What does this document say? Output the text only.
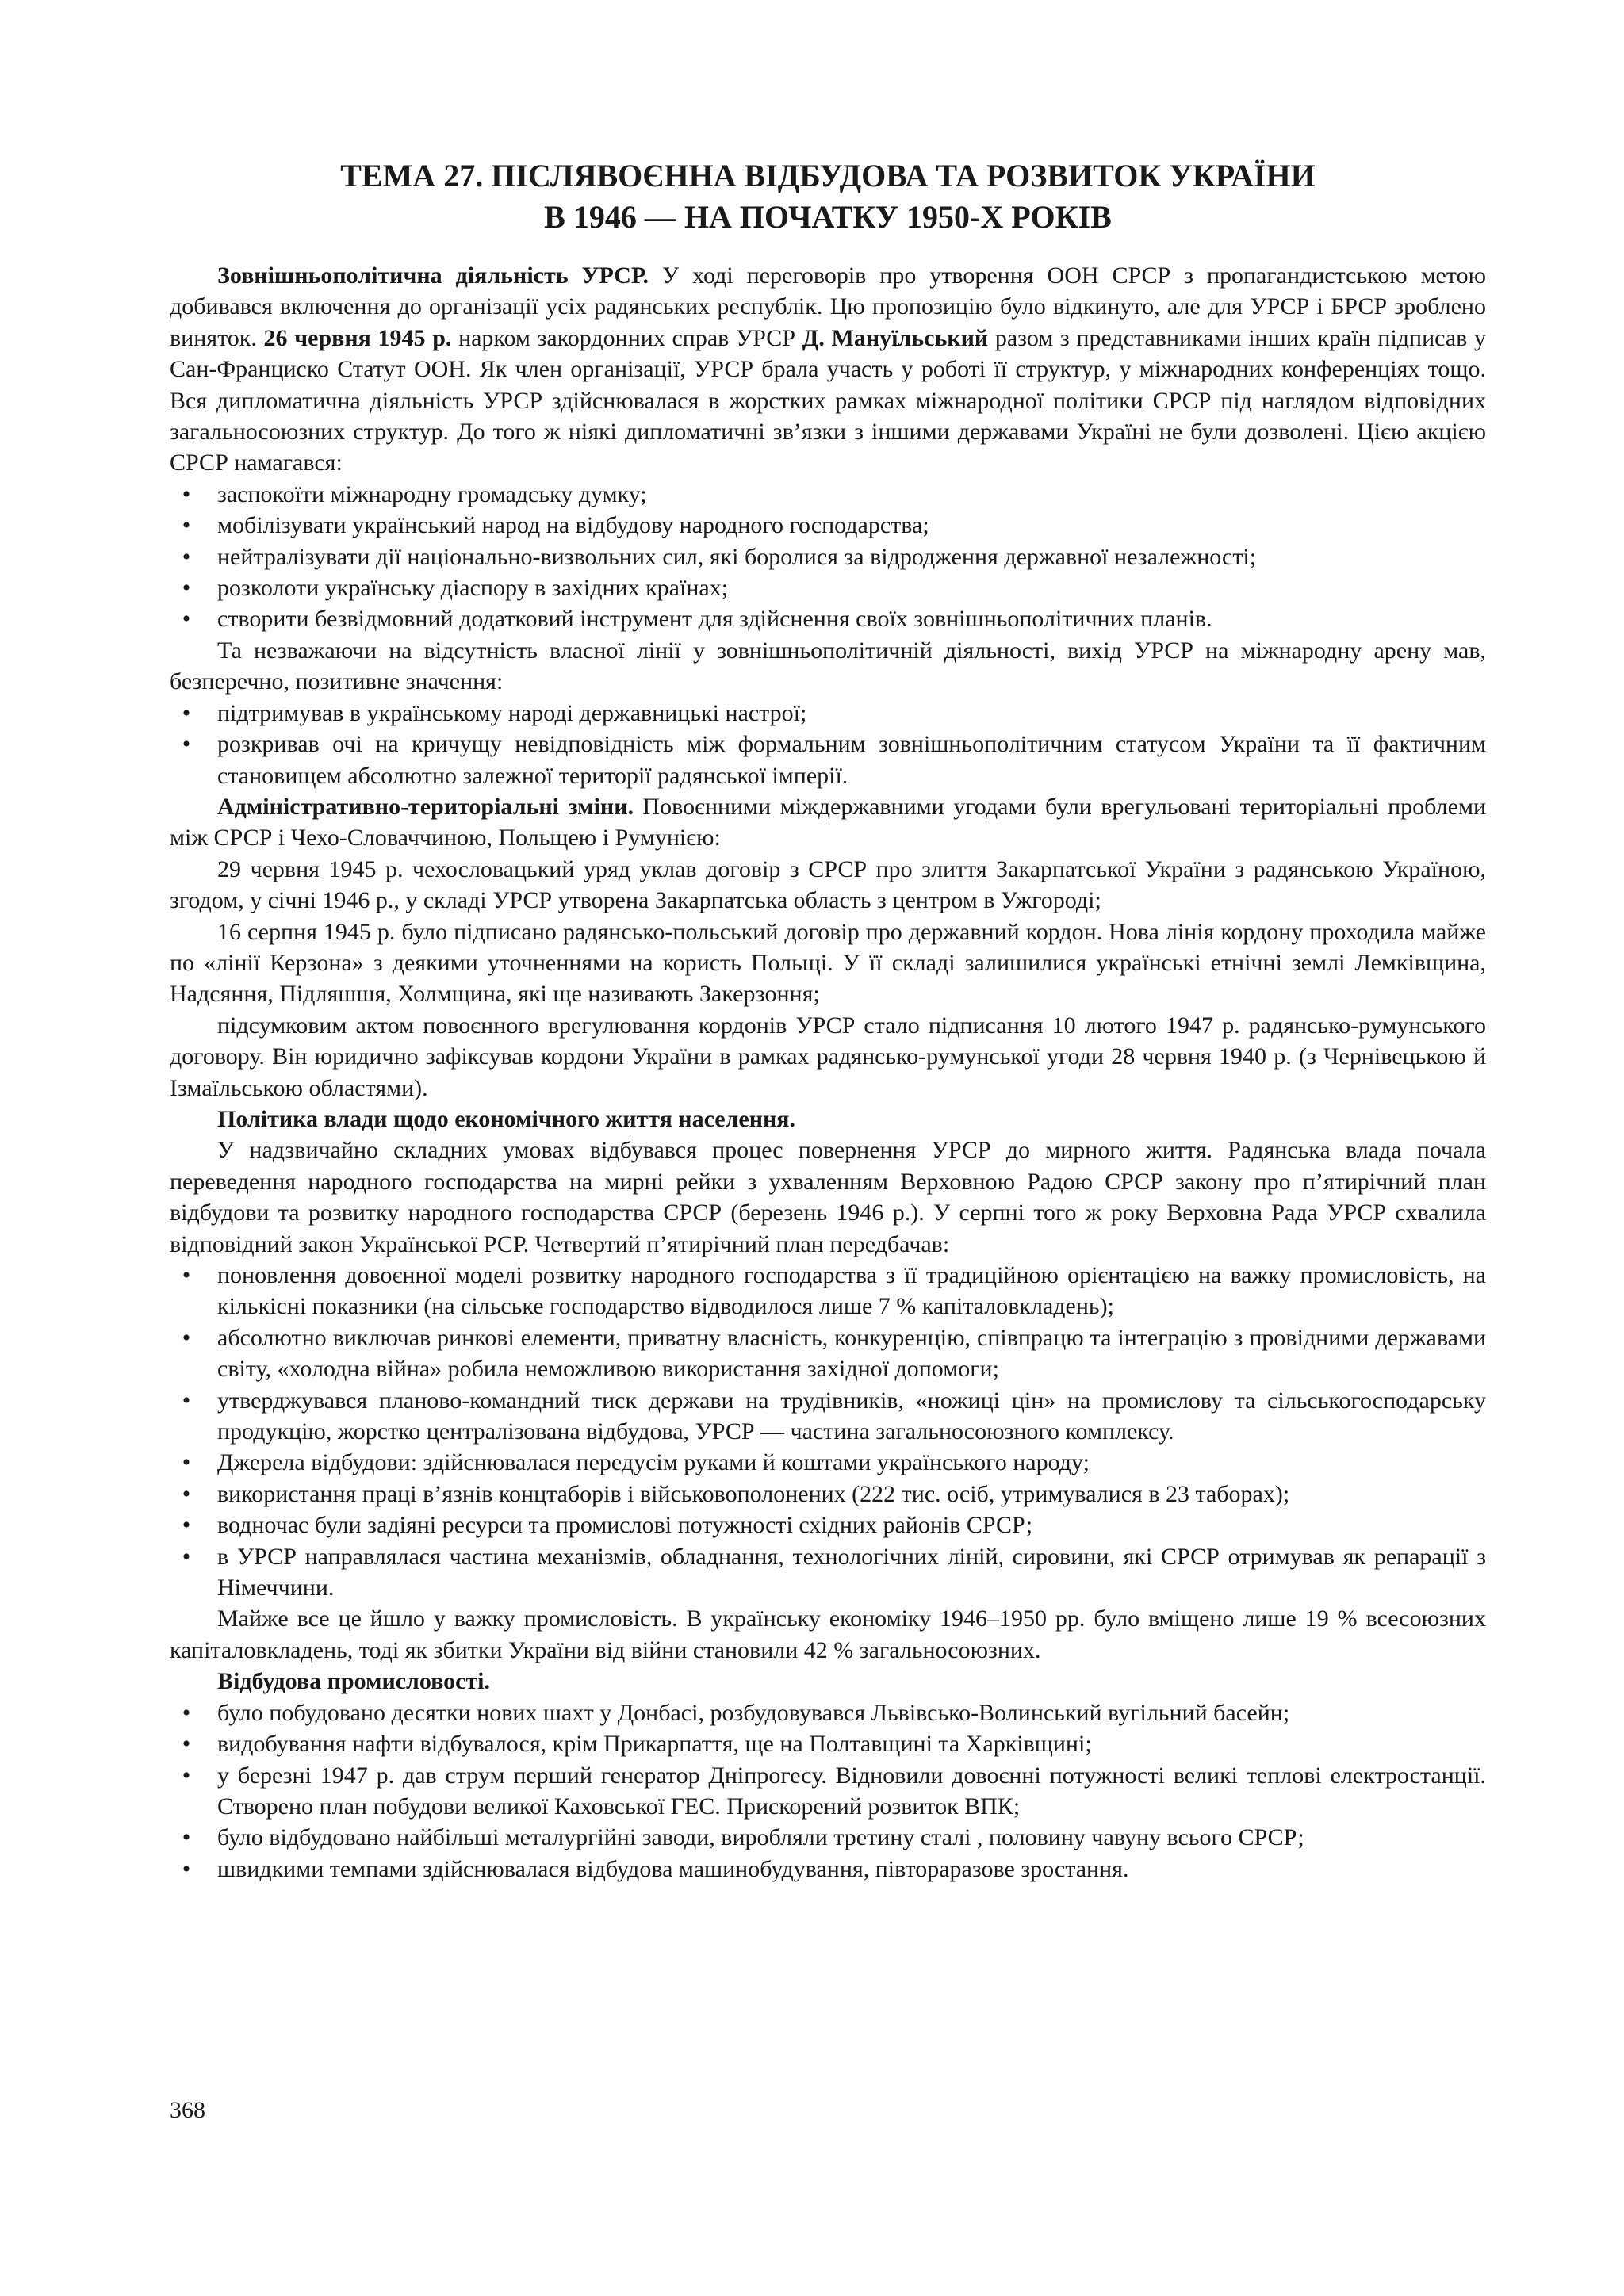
ТЕМА 27. ПІСЛЯВОЄННА ВІДБУДОВА ТА РОЗВИТОК УКРАЇНИ
В 1946 — НА ПОЧАТКУ 1950-Х РОКІВ

Зовнішньополітична діяльність УРСР. У ході переговорів про утворення ООН СРСР з пропагандистською метою добивався включення до організації усіх радянських республік. Цю пропозицію було відкинуто, але для УРСР і БРСР зроблено виняток. 26 червня 1945 р. нарком закордонних справ УРСР Д. Мануїльський разом з представниками інших країн підписав у Сан-Франциско Статут ООН. Як член організації, УРСР брала участь у роботі її структур, у міжнародних конференціях тощо. Вся дипломатична діяльність УРСР здійснювалася в жорстких рамках міжнародної політики СРСР під наглядом відповідних загальносоюзних структур. До того ж ніякі дипломатичні зв’язки з іншими державами Україні не були дозволені. Цією акцією СРСР намагався:

•	заспокоїти міжнародну громадську думку;
•	мобілізувати український народ на відбудову народного господарства;
•	нейтралізувати дії національно-визвольних сил, які боролися за відродження державної незалежності;
•	розколоти українську діаспору в західних країнах;
•	створити безвідмовний додатковий інструмент для здійснення своїх зовнішньополітичних планів.

Та незважаючи на відсутність власної лінії у зовнішньополітичній діяльності, вихід УРСР на міжнародну арену мав, безперечно, позитивне значення:

•	підтримував в українському народі державницькі настрої;
•	розкривав очі на кричущу невідповідність між формальним зовнішньополітичним статусом України та її фактичним становищем абсолютно залежної території радянської імперії.

Адміністративно-територіальні зміни. Повоєнними міждержавними угодами були врегульовані територіальні проблеми між СРСР і Чехо-Словаччиною, Польщею і Румунією:

29 червня 1945 р. чехословацький уряд уклав договір з СРСР про злиття Закарпатської України з радянською Україною, згодом, у січні 1946 р., у складі УРСР утворена Закарпатська область з центром в Ужгороді;

16 серпня 1945 р. було підписано радянсько-польський договір про державний кордон. Нова лінія кордону проходила майже по «лінії Керзона» з деякими уточненнями на користь Польщі. У її складі залишилися українські етнічні землі Лемківщина, Надсяння, Підляшшя, Холмщина, які ще називають Закерзоння;

підсумковим актом повоєнного врегулювання кордонів УРСР стало підписання 10 лютого 1947 р. радянсько-румунського договору. Він юридично зафіксував кордони України в рамках радянсько-румунської угоди 28 червня 1940 р. (з Чернівецькою й Ізмаїльською областями).

Політика влади щодо економічного життя населення.

У надзвичайно складних умовах відбувався процес повернення УРСР до мирного життя. Радянська влада почала переведення народного господарства на мирні рейки з ухваленням Верховною Радою СРСР закону про п’ятирічний план відбудови та розвитку народного господарства СРСР (березень 1946 р.). У серпні того ж року Верховна Рада УРСР схвалила відповідний закон Української РСР. Четвертий п’ятирічний план передбачав:

•	поновлення довоєнної моделі розвитку народного господарства з її традиційною орієнтацією на важку промисловість, на кількісні показники (на сільське господарство відводилося лише 7 % капіталовкладень);
•	абсолютно виключав ринкові елементи, приватну власність, конкуренцію, співпрацю та інтеграцію з провідними державами світу, «холодна війна» робила неможливою використання західної допомоги;
•	утверджувався планово-командний тиск держави на трудівників, «ножиці цін» на промислову та сільськогосподарську продукцію, жорстко централізована відбудова, УРСР — частина загальносоюзного комплексу.
•	Джерела відбудови: здійснювалася передусім руками й коштами українського народу;
•	використання праці в’язнів концтаборів і військовополонених (222 тис. осіб, утримувалися в 23 таборах);
•	водночас були задіяні ресурси та промислові потужності східних районів СРСР;
•	в УРСР направлялася частина механізмів, обладнання, технологічних ліній, сировини, які СРСР отримував як репарації з Німеччини.

Майже все це йшло у важку промисловість. В українську економіку 1946–1950 рр. було вміщено лише 19 % всесоюзних капіталовкладень, тоді як збитки України від війни становили 42 % загальносоюзних.

Відбудова промисловості.

•	було побудовано десятки нових шахт у Донбасі, розбудовувався Львівсько-Волинський вугільний басейн;
•	видобування нафти відбувалося, крім Прикарпаття, ще на Полтавщині та Харківщині;
•	у березні 1947 р. дав струм перший генератор Дніпрогесу. Відновили довоєнні потужності великі теплові електростанції. Створено план побудови великої Каховської ГЕС. Прискорений розвиток ВПК;
•	було відбудовано найбільші металургійні заводи, виробляли третину сталі , половину чавуну всього СРСР;
•	швидкими темпами здійснювалася відбудова машинобудування, півтораразове зростання.
368
